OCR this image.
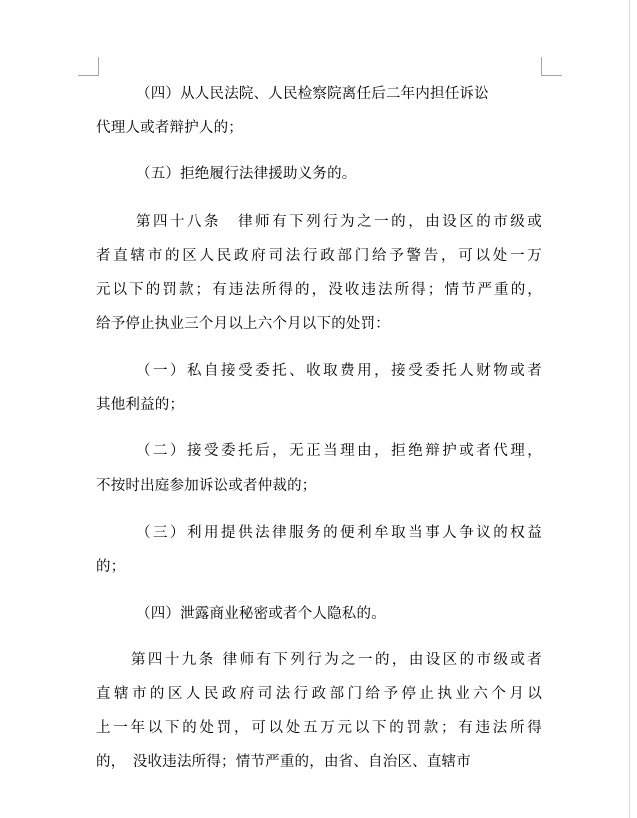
（四）从人民法院、人民检察院离任后二年内担任诉讼
代理人或者辩护人的；
（五）拒绝履行法律援助义务的。
第四十八条　律师有下列行为之一的，由设区的市级或
者直辖市的区人民政府司法行政部门给予警告，可以处一万
元以下的罚款；有违法所得的，没收违法所得；情节严重的，
给予停止执业三个月以上六个月以下的处罚：
（一）私自接受委托、收取费用，接受委托人财物或者
其他利益的；
（二）接受委托后，无正当理由，拒绝辩护或者代理，
不按时出庭参加诉讼或者仲裁的；
（三）利用提供法律服务的便利牟取当事人争议的权益
的；
（四）泄露商业秘密或者个人隐私的。
第四十九条 律师有下列行为之一的，由设区的市级或者
直辖市的区人民政府司法行政部门给予停止执业六个月以
上一年以下的处罚，可以处五万元以下的罚款；有违法所得
的，　没收违法所得；情节严重的，由省、自治区、直辖市
